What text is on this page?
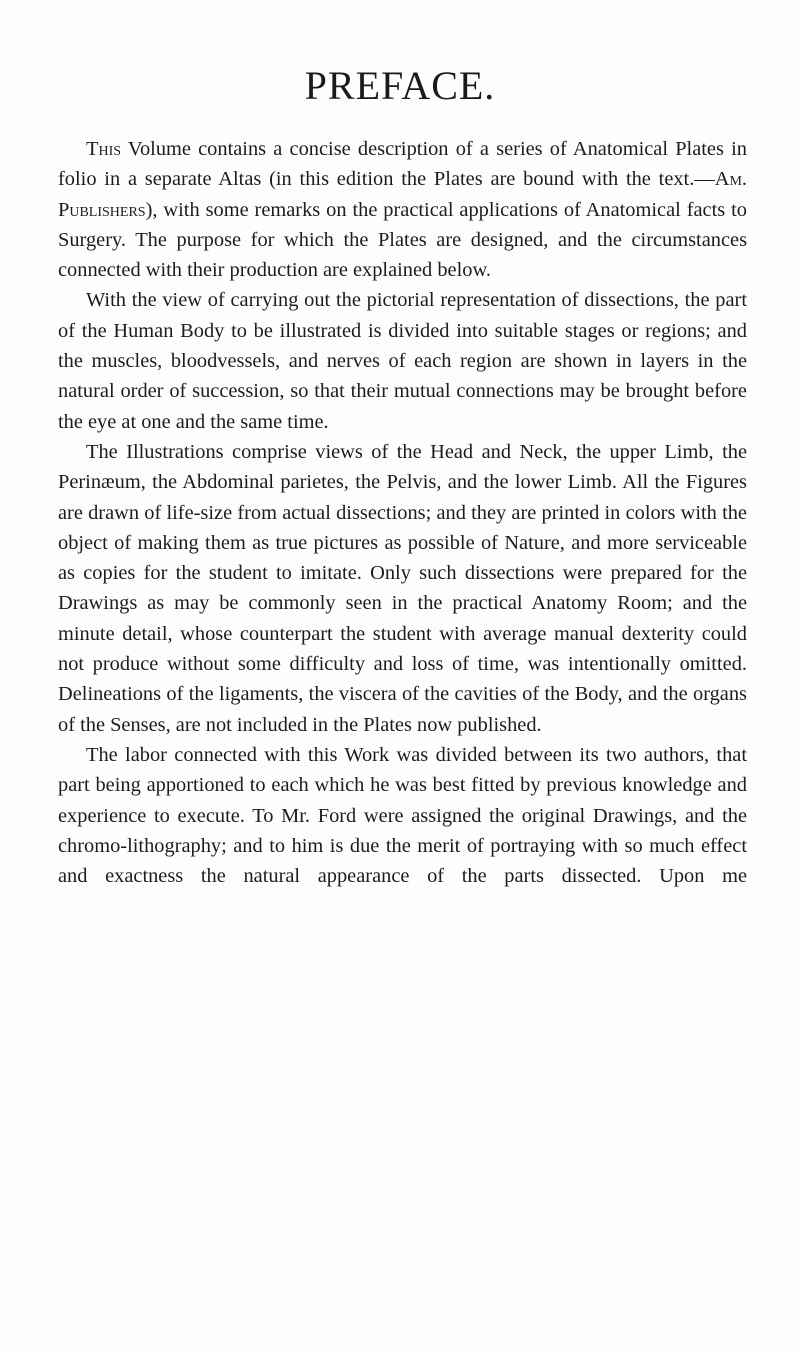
PREFACE.

This Volume contains a concise description of a series of Anatomical Plates in folio in a separate Altas (in this edition the Plates are bound with the text.—Am. Publishers), with some remarks on the practical applications of Anatomical facts to Surgery. The purpose for which the Plates are designed, and the circumstances connected with their production are explained below.

With the view of carrying out the pictorial representation of dissections, the part of the Human Body to be illustrated is divided into suitable stages or regions; and the muscles, bloodvessels, and nerves of each region are shown in layers in the natural order of succession, so that their mutual connections may be brought before the eye at one and the same time.

The Illustrations comprise views of the Head and Neck, the upper Limb, the Perinæum, the Abdominal parietes, the Pelvis, and the lower Limb. All the Figures are drawn of life-size from actual dissections; and they are printed in colors with the object of making them as true pictures as possible of Nature, and more serviceable as copies for the student to imitate. Only such dissections were prepared for the Drawings as may be commonly seen in the practical Anatomy Room; and the minute detail, whose counterpart the student with average manual dexterity could not produce without some difficulty and loss of time, was intentionally omitted. Delineations of the ligaments, the viscera of the cavities of the Body, and the organs of the Senses, are not included in the Plates now published.

The labor connected with this Work was divided between its two authors, that part being apportioned to each which he was best fitted by previous knowledge and experience to execute. To Mr. Ford were assigned the original Drawings, and the chromo-lithography; and to him is due the merit of portraying with so much effect and exactness the natural appearance of the parts dissected. Upon me
